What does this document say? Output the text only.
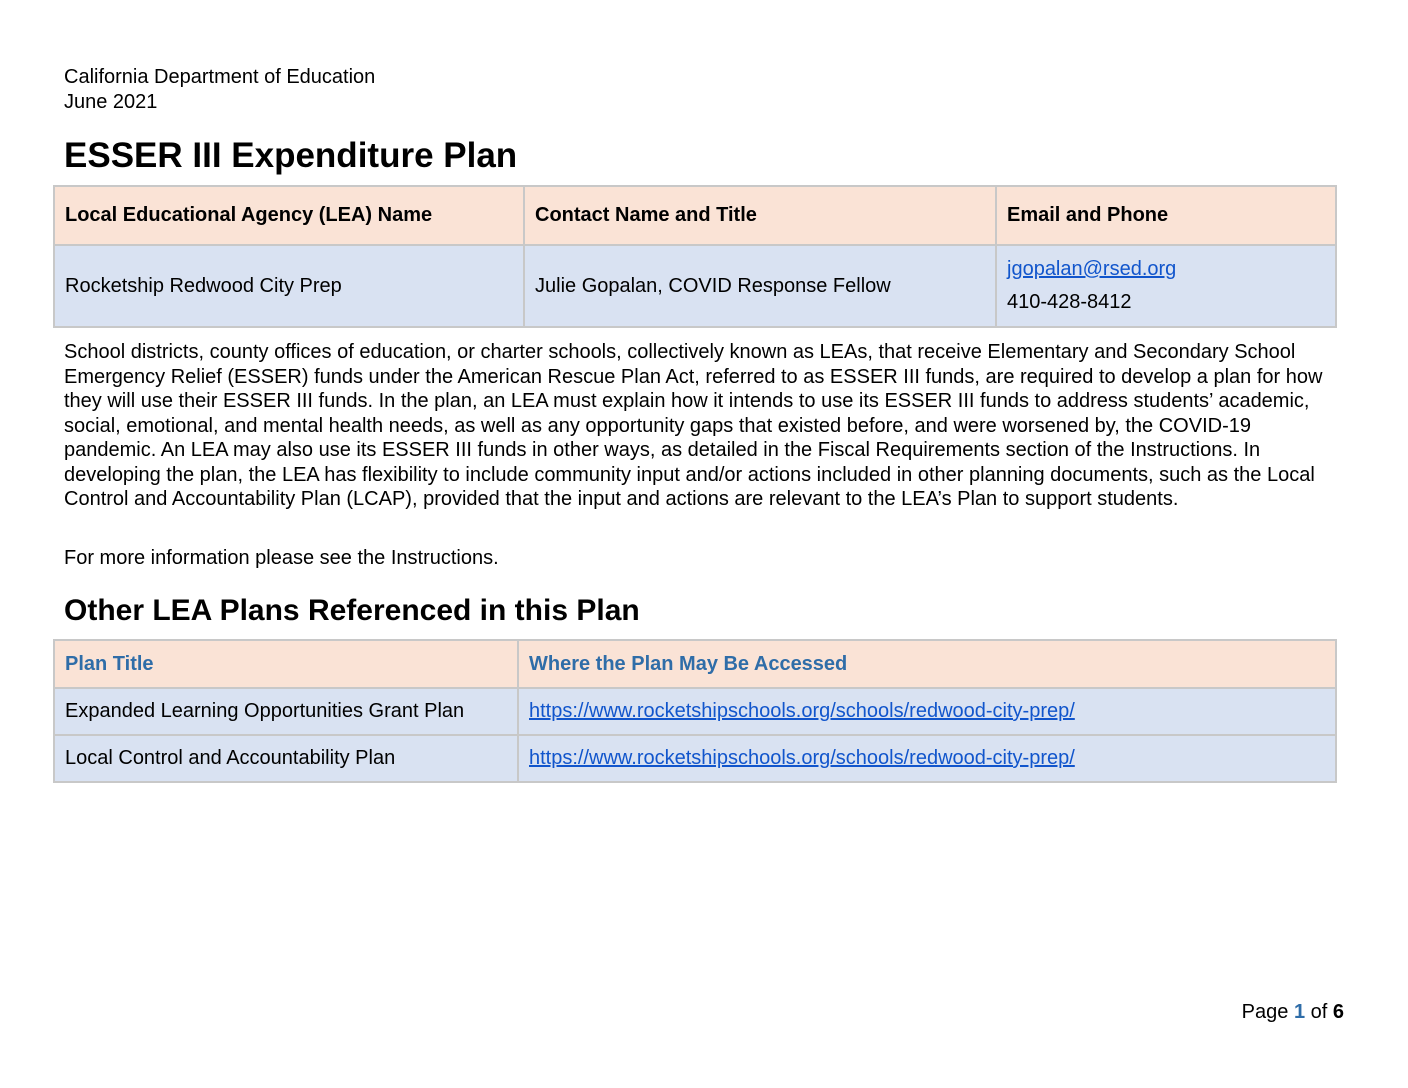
California Department of Education
June 2021
ESSER III Expenditure Plan
Local Educational Agency (LEA) Name	Contact Name and Title	Email and Phone
Rocketship Redwood City Prep	Julie Gopalan, COVID Response Fellow	jgopalan@rsed.org
410-428-8412

School districts, county offices of education, or charter schools, collectively known as LEAs, that receive Elementary and Secondary School Emergency Relief (ESSER) funds under the American Rescue Plan Act, referred to as ESSER III funds, are required to develop a plan for how they will use their ESSER III funds. In the plan, an LEA must explain how it intends to use its ESSER III funds to address students’ academic, social, emotional, and mental health needs, as well as any opportunity gaps that existed before, and were worsened by, the COVID-19 pandemic. An LEA may also use its ESSER III funds in other ways, as detailed in the Fiscal Requirements section of the Instructions. In developing the plan, the LEA has flexibility to include community input and/or actions included in other planning documents, such as the Local Control and Accountability Plan (LCAP), provided that the input and actions are relevant to the LEA’s Plan to support students.

For more information please see the Instructions.

Other LEA Plans Referenced in this Plan
Plan Title	Where the Plan May Be Accessed
Expanded Learning Opportunities Grant Plan	https://www.rocketshipschools.org/schools/redwood-city-prep/
Local Control and Accountability Plan	https://www.rocketshipschools.org/schools/redwood-city-prep/
Page 1 of 6
